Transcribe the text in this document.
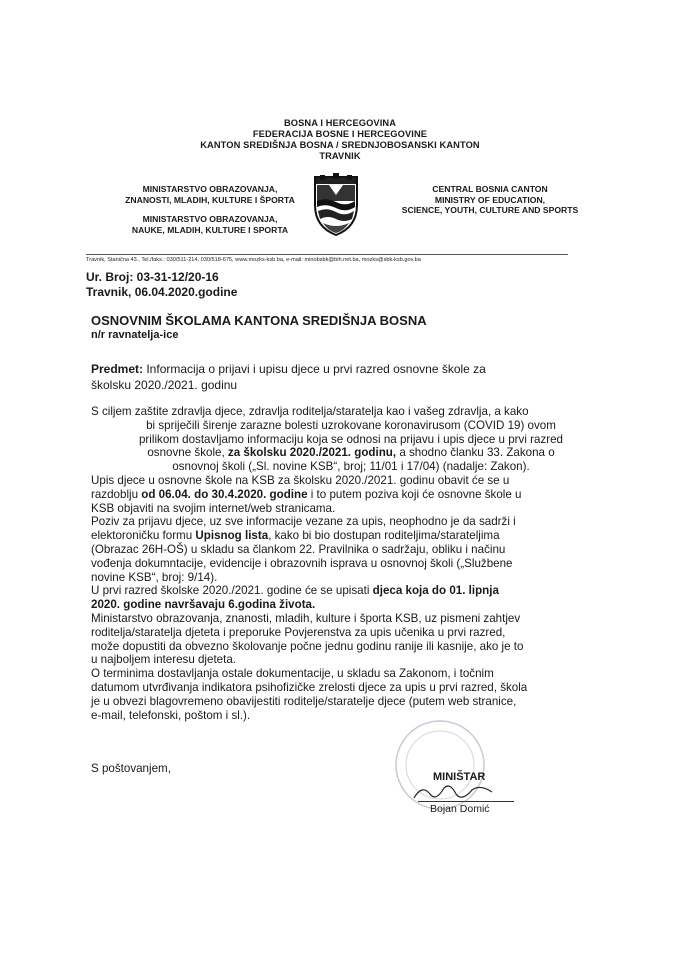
BOSNA I HERCEGOVINA
FEDERACIJA BOSNE I HERCEGOVINE
KANTON SREDIŠNJA BOSNA / SREDNJOBOSANSKI KANTON
TRAVNIK
MINISTARSTVO OBRAZOVANJA,
ZNANOSTI, MLADIH, KULTURE I ŠPORTA
MINISTARSTVO OBRAZOVANJA,
NAUKE, MLADIH, KULTURE I SPORTA
CENTRAL BOSNIA CANTON
MINISTRY OF EDUCATION,
SCIENCE, YOUTH, CULTURE AND SPORTS
Travnik, Stanična 43., Tel./faks.: 030/511-214, 030/518-675, www.mozks-ksb.ba, e-mail: minobsbk@bih.net.ba, mozks@sbk-ksb.gov.ba
Ur. Broj: 03-31-12/20-16
Travnik, 06.04.2020.godine
OSNOVNIM ŠKOLAMA KANTONA SREDIŠNJA BOSNA
n/r ravnatelja-ice
Predmet: Informacija o prijavi i upisu djece u prvi razred osnovne škole za
školsku 2020./2021. godinu
S ciljem zaštite zdravlja djece, zdravlja roditelja/staratelja kao i vašeg zdravlja, a kako
bi spriječili širenje zarazne bolesti uzrokovane koronavirusom (COVID 19) ovom
prilikom dostavljamo informaciju koja se odnosi na prijavu i upis djece u prvi razred
osnovne škole, za školsku 2020./2021. godinu, a shodno članku 33. Zakona o
osnovnoj školi („Sl. novine KSB“, broj; 11/01 i 17/04) (nadalje: Zakon).
Upis djece u osnovne škole na KSB za školsku 2020./2021. godinu obavit će se u
razdoblju od 06.04. do 30.4.2020. godine i to putem poziva koji će osnovne škole u
KSB objaviti na svojim internet/web stranicama.
Poziv za prijavu djece, uz sve informacije vezane za upis, neophodno je da sadrži i
elektoroničku formu Upisnog lista, kako bi bio dostupan roditeljima/starateljima
(Obrazac 26H-OŠ) u skladu sa člankom 22. Pravilnika o sadržaju, obliku i načinu
vođenja dokumntacije, evidencije i obrazovnih isprava u osnovnoj školi („Službene
novine KSB“, broj: 9/14).
U prvi razred školske 2020./2021. godine će se upisati djeca koja do 01. lipnja
2020. godine navršavaju 6.godina života.
Ministarstvo obrazovanja, znanosti, mladih, kulture i športa KSB, uz pismeni zahtjev
roditelja/staratelja djeteta i preporuke Povjerenstva za upis učenika u prvi razred,
može dopustiti da obvezno školovanje počne jednu godinu ranije ili kasnije, ako je to
u najboljem interesu djeteta.
O terminima dostavljanja ostale dokumentacije, u skladu sa Zakonom, i točnim
datumom utvrđivanja indikatora psihofizičke zrelosti djece za upis u prvi razred, škola
je u obvezi blagovremeno obavijestiti roditelje/staratelje djece (putem web stranice,
e-mail, telefonski, poštom i sl.).
S poštovanjem,
MINIŠTAR
Bojan Domić
